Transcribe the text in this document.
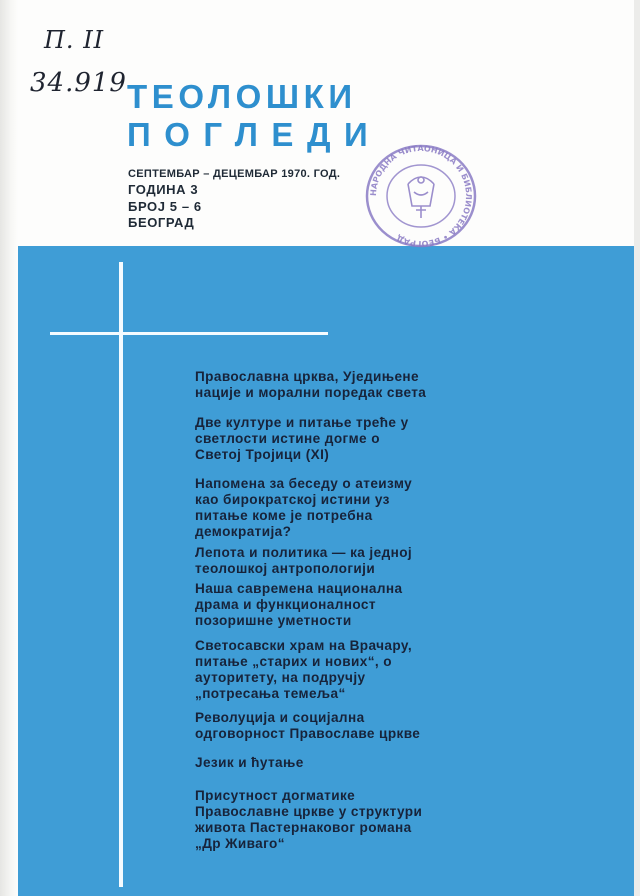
П. II
34.919 ТЕОЛОШКИ
ПОГЛЕДИ
СЕПТЕМБАР – ДЕЦЕМБАР 1970. ГОД.
ГОДИНА 3
БРОЈ 5 – 6
БЕОГРАД
НАРОДНА ЧИТАОНИЦА И БИБЛИОТЕКА • БЕОГРАД
Православна црква, Уједињене
нације и морални поредак света
Две културе и питање треће у
светлости истине догме о
Светој Тројици (XI)
Напомена за беседу о атеизму
као бирократској истини уз
питање коме је потребна
демократија?
Лепота и политика — ка једној
теолошкој антропологији
Наша савремена национална
драма и функционалност
позоришне уметности
Светосавски храм на Врачару,
питање „старих и нових“, о
ауторитету, на подручју
„потресања темеља“
Револуција и социјална
одговорност Православе цркве
Језик и ћутање
Присутност догматике
Православне цркве у структури
живота Пастернаковог романа
„Др Живаго“
